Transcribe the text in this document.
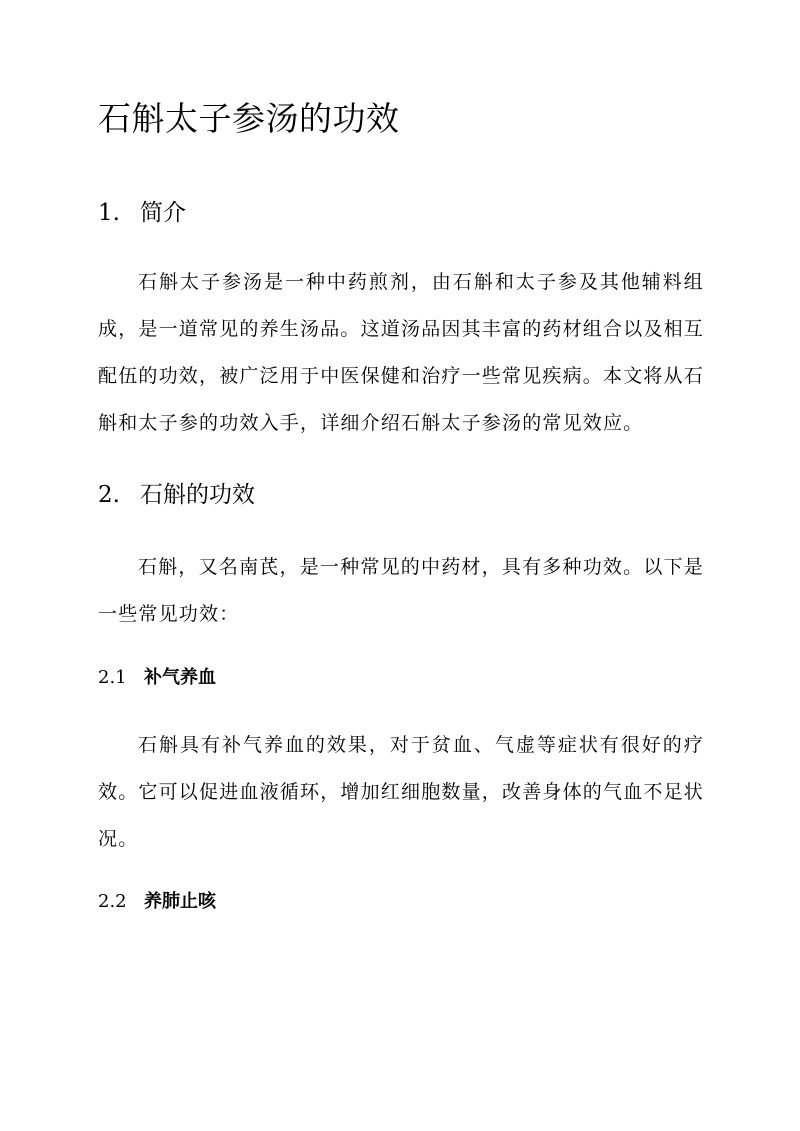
石斛太子参汤的功效
1. 简介

石斛太子参汤是一种中药煎剂，由石斛和太子参及其他辅料组成，是一道常见的养生汤品。这道汤品因其丰富的药材组合以及相互配伍的功效，被广泛用于中医保健和治疗一些常见疾病。本文将从石斛和太子参的功效入手，详细介绍石斛太子参汤的常见效应。

2. 石斛的功效

石斛，又名南芪，是一种常见的中药材，具有多种功效。以下是一些常见功效：

2.1 补气养血

石斛具有补气养血的效果，对于贫血、气虚等症状有很好的疗效。它可以促进血液循环，增加红细胞数量，改善身体的气血不足状况。

2.2 养肺止咳
